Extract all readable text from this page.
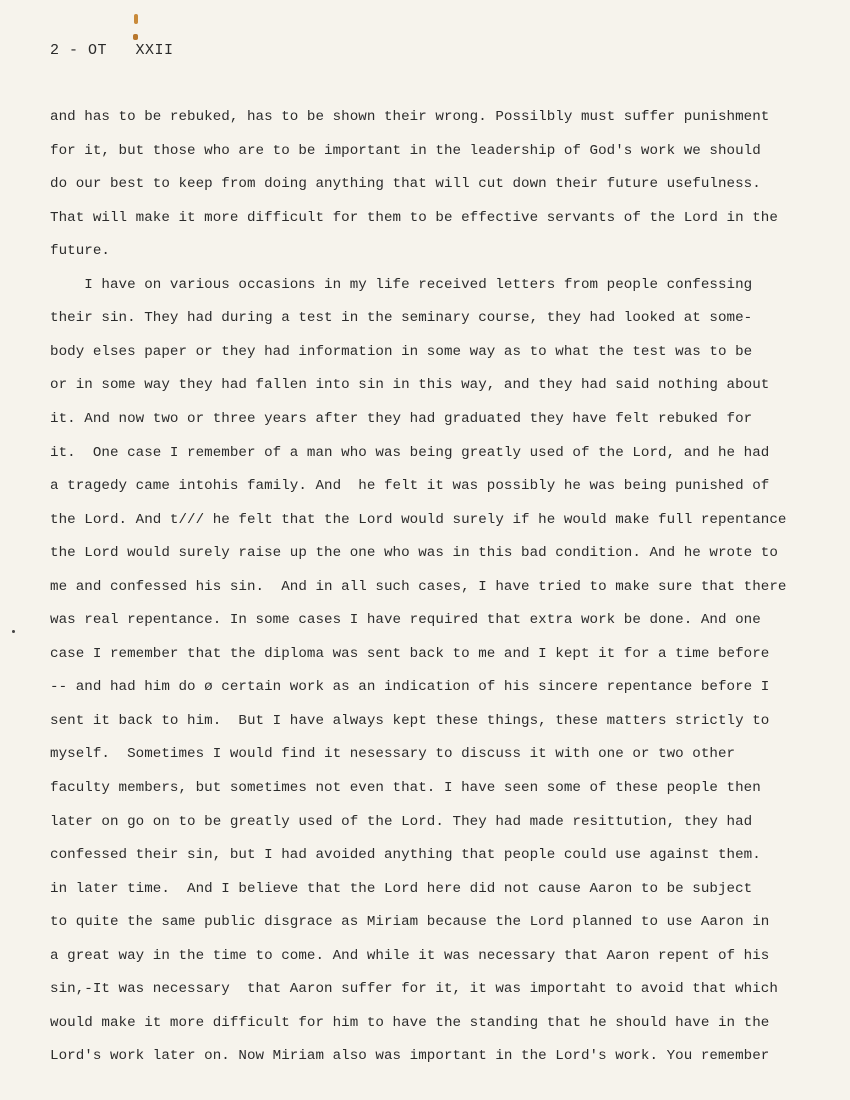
2 - OT   XXII
and has to be rebuked, has to be shown their wrong. Possilbly must suffer punishment
for it, but those who are to be important in the leadership of God's work we should
do our best to keep from doing anything that will cut down their future usefulness.
That will make it more difficult for them to be effective servants of the Lord in the
future.
I have on various occasions in my life received letters from people confessing
their sin. They had during a test in the seminary course, they had looked at some-
body elses paper or they had information in some way as to what the test was to be
or in some way they had fallen into sin in this way, and they had said nothing about
it. And now two or three years after they had graduated they have felt rebuked for
it.  One case I remember of a man who was being greatly used of the Lord, and he had
a tragedy came intohis family. And  he felt it was possibly he was being punished of
the Lord. And t/// he felt that the Lord would surely if he would make full repentance
the Lord would surely raise up the one who was in this bad condition. And he wrote to
me and confessed his sin.  And in all such cases, I have tried to make sure that there
was real repentance. In some cases I have required that extra work be done. And one
case I remember that the diploma was sent back to me and I kept it for a time before
-- and had him do ø certain work as an indication of his sincere repentance before I
sent it back to him.  But I have always kept these things, these matters strictly to
myself.  Sometimes I would find it nesessary to discuss it with one or two other
faculty members, but sometimes not even that. I have seen some of these people then
later on go on to be greatly used of the Lord. They had made resittution, they had
confessed their sin, but I had avoided anything that people could use against them.
in later time.  And I believe that the Lord here did not cause Aaron to be subject
to quite the same public disgrace as Miriam because the Lord planned to use Aaron in
a great way in the time to come. And while it was necessary that Aaron repent of his
sin,-It was necessary  that Aaron suffer for it, it was importaht to avoid that which
would make it more difficult for him to have the standing that he should have in the
Lord's work later on. Now Miriam also was important in the Lord's work. You remember
